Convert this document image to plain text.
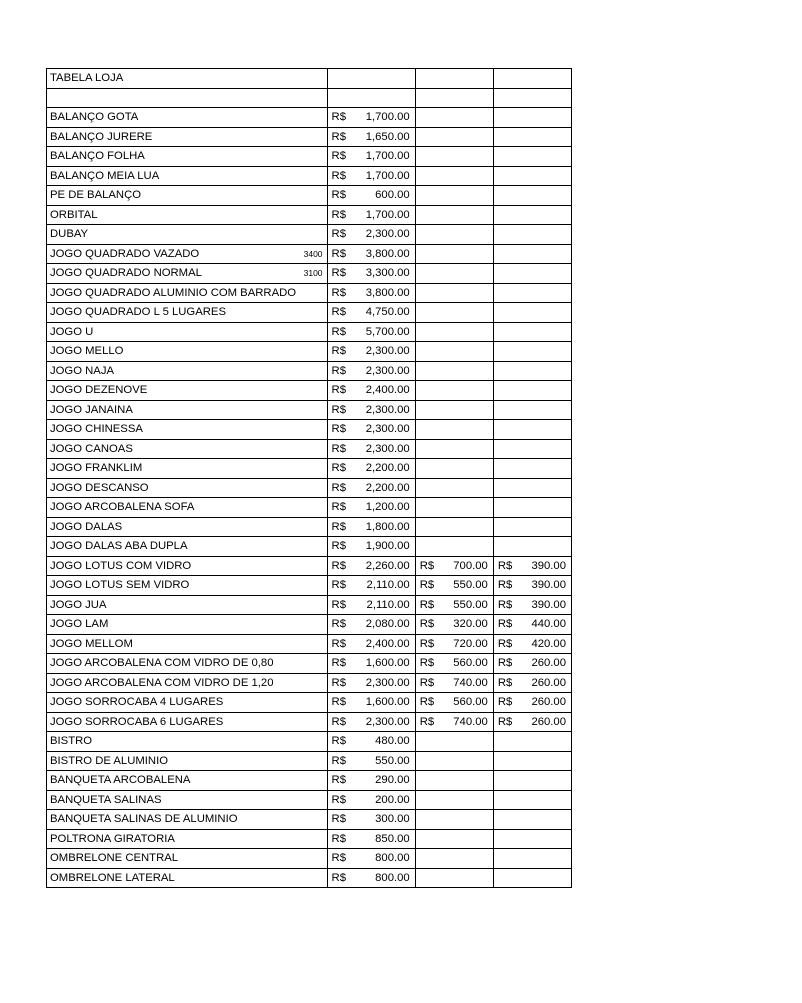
TABELA LOJA			

BALANÇO GOTA	R$ 1,700.00		

BALANÇO JURERE	R$ 1,650.00		

BALANÇO FOLHA	R$ 1,700.00		

BALANÇO MEIA LUA	R$ 1,700.00		

PE DE BALANÇO	R$ 600.00		

ORBITAL	R$ 1,700.00		

DUBAY	R$ 2,300.00		

JOGO QUADRADO VAZADO 3400	R$ 3,800.00		

JOGO QUADRADO NORMAL 3100	R$ 3,300.00		

JOGO QUADRADO ALUMINIO COM BARRADO	R$ 3,800.00		

JOGO QUADRADO L 5 LUGARES	R$ 4,750.00		

JOGO U	R$ 5,700.00		

JOGO MELLO	R$ 2,300.00		

JOGO NAJA	R$ 2,300.00		

JOGO DEZENOVE	R$ 2,400.00		

JOGO JANAINA	R$ 2,300.00		

JOGO CHINESSA	R$ 2,300.00		

JOGO CANOAS	R$ 2,300.00		

JOGO FRANKLIM	R$ 2,200.00		

JOGO DESCANSO	R$ 2,200.00		

JOGO ARCOBALENA SOFA	R$ 1,200.00		

JOGO DALAS	R$ 1,800.00		

JOGO DALAS ABA DUPLA	R$ 1,900.00		

JOGO LOTUS COM VIDRO	R$ 2,260.00	R$ 700.00	R$ 390.00

JOGO LOTUS SEM VIDRO	R$ 2,110.00	R$ 550.00	R$ 390.00

JOGO JUA	R$ 2,110.00	R$ 550.00	R$ 390.00

JOGO LAM	R$ 2,080.00	R$ 320.00	R$ 440.00

JOGO MELLOM	R$ 2,400.00	R$ 720.00	R$ 420.00

JOGO ARCOBALENA COM VIDRO DE 0,80	R$ 1,600.00	R$ 560.00	R$ 260.00

JOGO ARCOBALENA COM VIDRO DE 1,20	R$ 2,300.00	R$ 740.00	R$ 260.00

JOGO SORROCABA 4 LUGARES	R$ 1,600.00	R$ 560.00	R$ 260.00

JOGO SORROCABA 6 LUGARES	R$ 2,300.00	R$ 740.00	R$ 260.00

BISTRO	R$ 480.00		

BISTRO DE ALUMINIO	R$ 550.00		

BANQUETA ARCOBALENA	R$ 290.00		

BANQUETA SALINAS	R$ 200.00		

BANQUETA SALINAS DE ALUMINIO	R$ 300.00		

POLTRONA GIRATORIA	R$ 850.00		

OMBRELONE CENTRAL	R$ 800.00		

OMBRELONE LATERAL	R$ 800.00		
